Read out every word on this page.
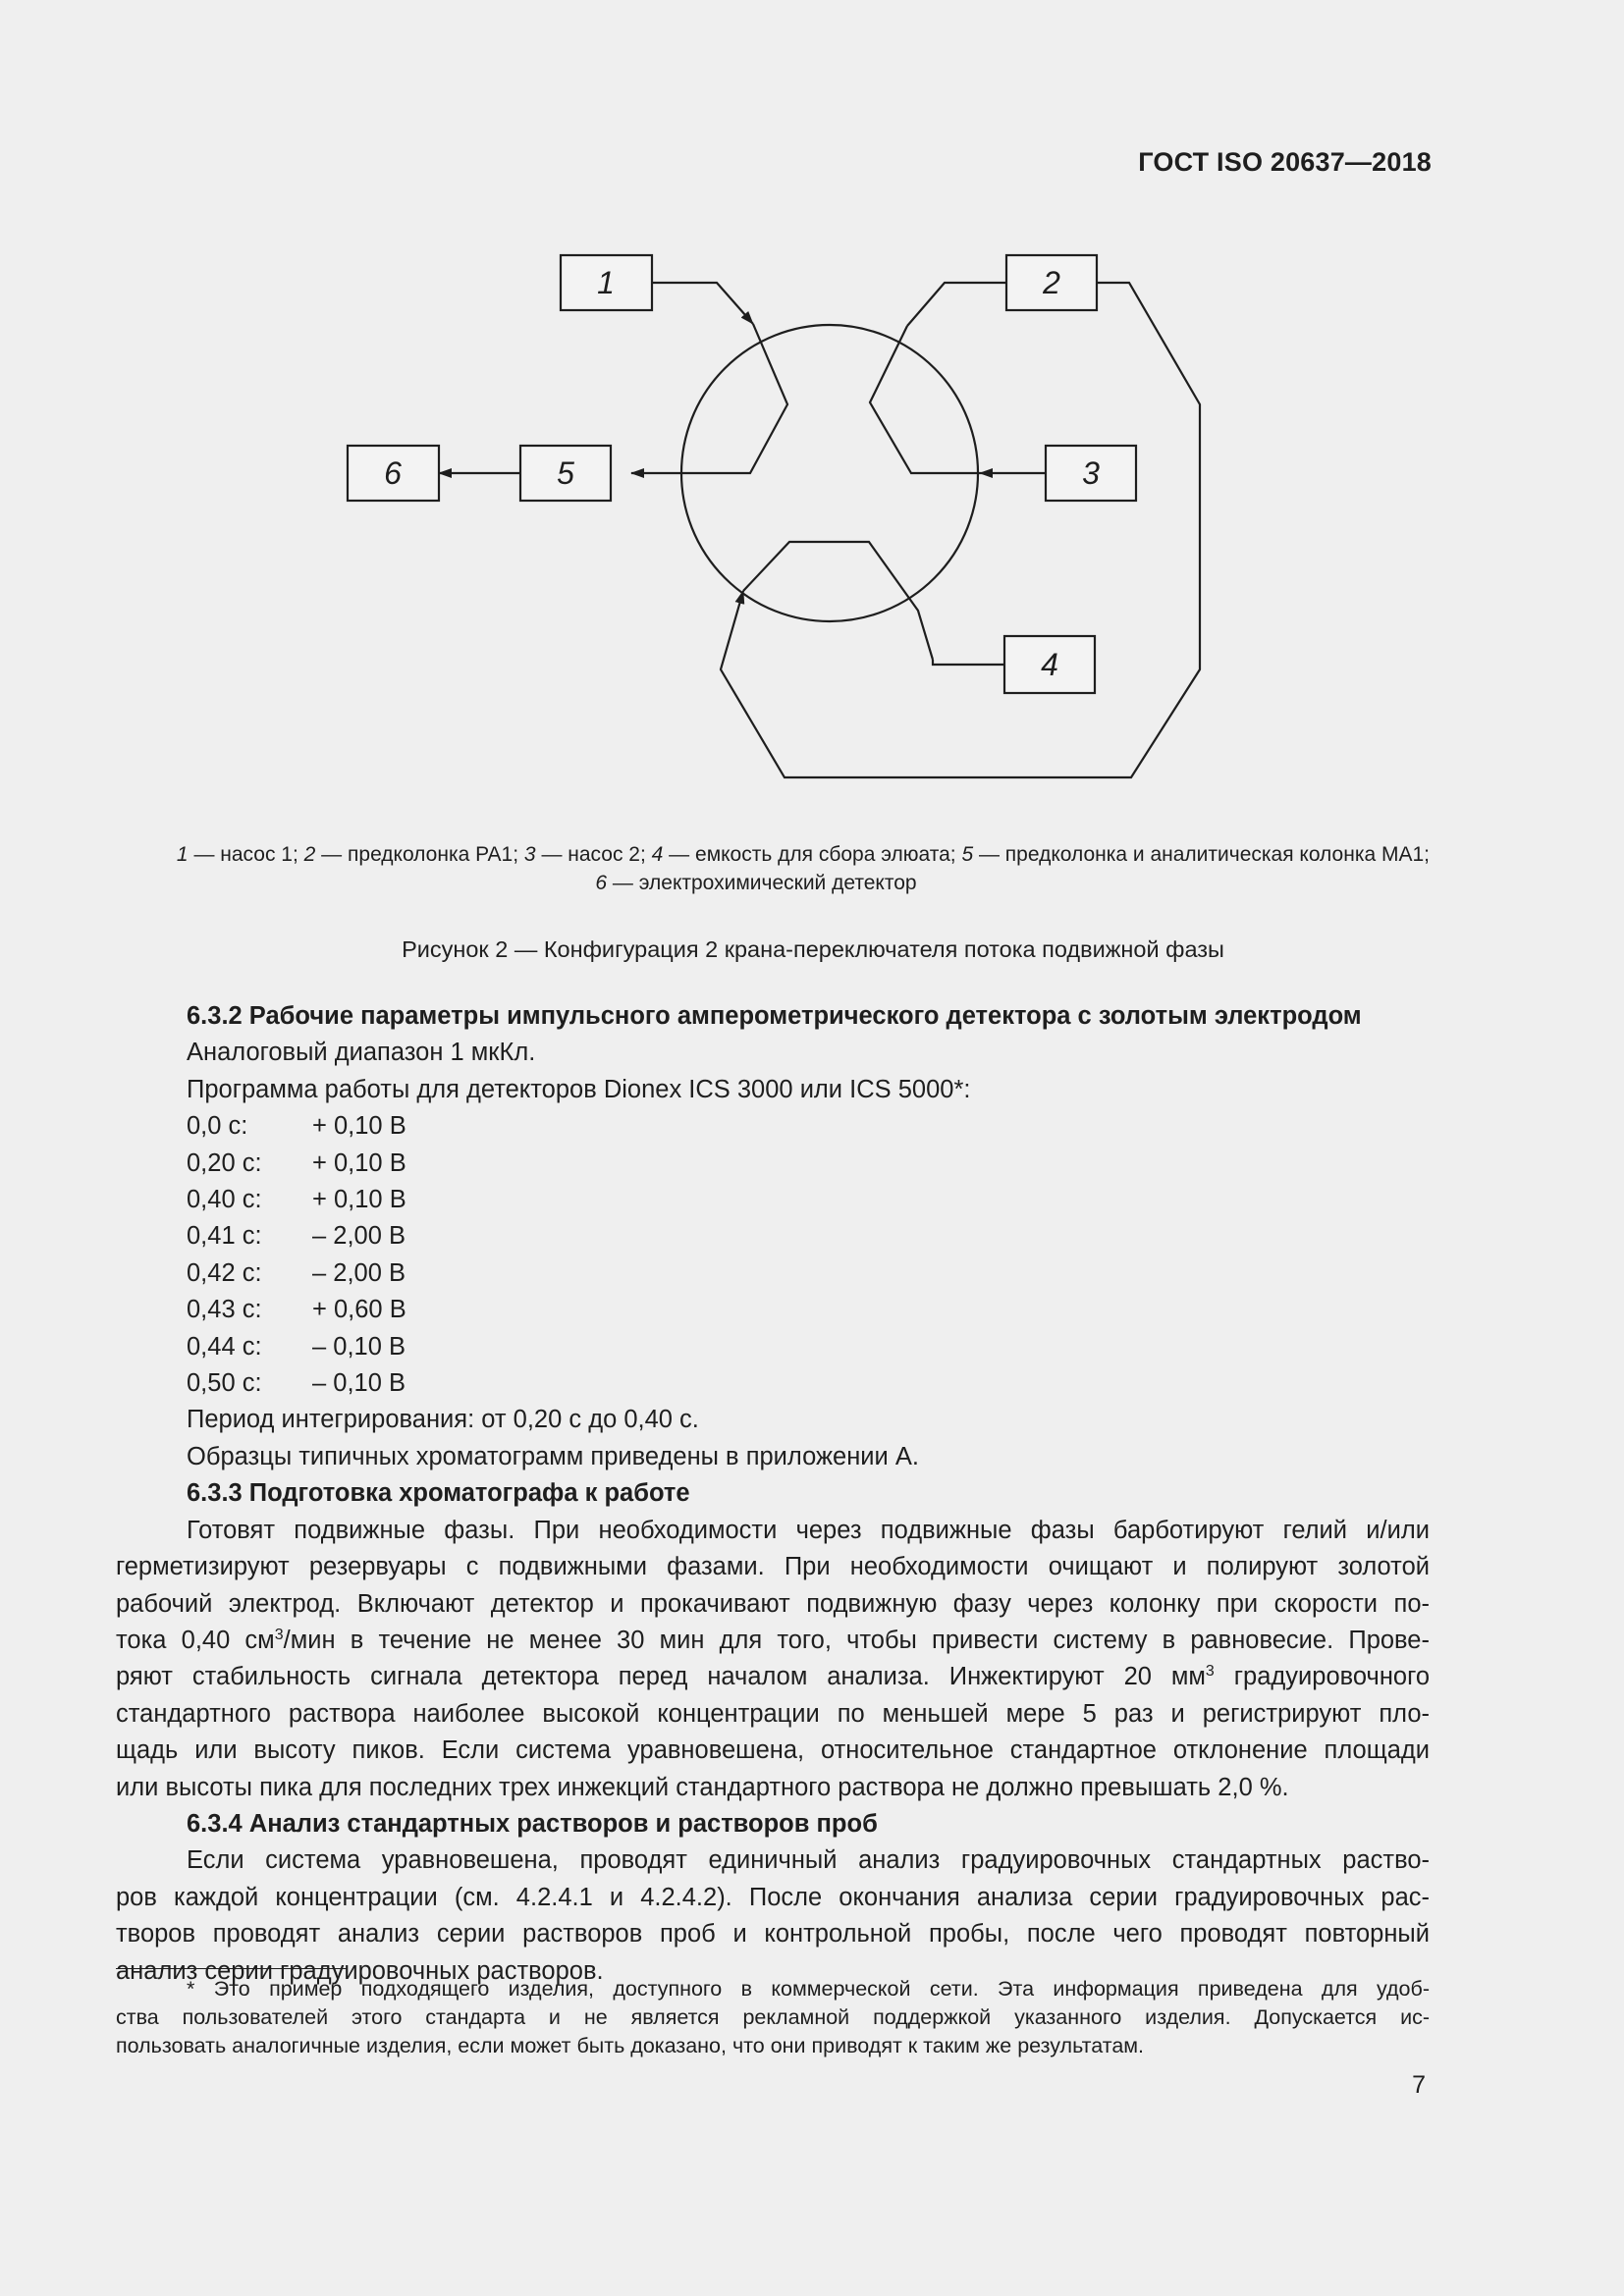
ГОСТ ISO 20637—2018
1	2
3
4
5
6

1 — насос 1; 2 — предколонка PA1; 3 — насос 2; 4 — емкость для сбора элюата; 5 — предколонка и аналитическая колонка MA1;

6 — электрохимический детектор

Рисунок 2 — Конфигурация 2 крана-переключателя потока подвижной фазы

6.3.2 Рабочие параметры импульсного амперометрического детектора с золотым электродом

Аналоговый диапазон 1 мкКл.

Программа работы для детекторов Dionex ICS 3000 или ICS 5000*:

0,0 с:	+ 0,10 В
0,20 с:	+ 0,10 В
0,40 с:	+ 0,10 В
0,41 с:	– 2,00 В
0,42 с:	– 2,00 В
0,43 с:	+ 0,60 В
0,44 с:	– 0,10 В
0,50 с:	– 0,10 В

Период интегрирования: от 0,20 с до 0,40 с.

Образцы типичных хроматограмм приведены в приложении А.

6.3.3 Подготовка хроматографа к работе

Готовят подвижные фазы. При необходимости через подвижные фазы барботируют гелий и/или

герметизируют резервуары с подвижными фазами. При необходимости очищают и полируют золотой

рабочий электрод. Включают детектор и прокачивают подвижную фазу через колонку при скорости по-

тока 0,40 $см^3$/мин в течение не менее 30 мин для того, чтобы привести систему в равновесие. Прове-

ряют стабильность сигнала детектора перед началом анализа. Инжектируют 20 $мм^3$ градуировочного

стандартного раствора наиболее высокой концентрации по меньшей мере 5 раз и регистрируют пло-

щадь или высоту пиков. Если система уравновешена, относительное стандартное отклонение площади

или высоты пика для последних трех инжекций стандартного раствора не должно превышать 2,0 %.

6.3.4 Анализ стандартных растворов и растворов проб

Если система уравновешена, проводят единичный анализ градуировочных стандартных раство-

ров каждой концентрации (см. 4.2.4.1 и 4.2.4.2). После окончания анализа серии градуировочных рас-

творов проводят анализ серии растворов проб и контрольной пробы, после чего проводят повторный

анализ серии градуировочных растворов.

* Это пример подходящего изделия, доступного в коммерческой сети. Эта информация приведена для удоб-

ства пользователей этого стандарта и не является рекламной поддержкой указанного изделия. Допускается ис-

пользовать аналогичные изделия, если может быть доказано, что они приводят к таким же результатам.

7
